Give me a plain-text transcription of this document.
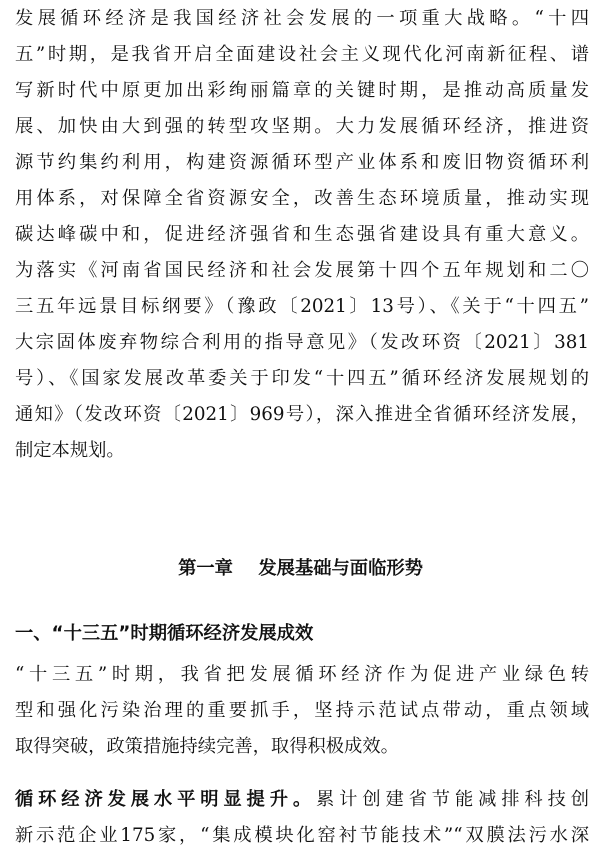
发展循环经济是我国经济社会发展的一项重大战略。“十四
五”时期，是我省开启全面建设社会主义现代化河南新征程、谱
写新时代中原更加出彩绚丽篇章的关键时期，是推动高质量发
展、加快由大到强的转型攻坚期。大力发展循环经济，推进资
源节约集约利用，构建资源循环型产业体系和废旧物资循环利
用体系，对保障全省资源安全，改善生态环境质量，推动实现
碳达峰碳中和，促进经济强省和生态强省建设具有重大意义。
为落实《河南省国民经济和社会发展第十四个五年规划和二〇
三五年远景目标纲要》（豫政〔2021〕13号）、《关于“十四五”
大宗固体废弃物综合利用的指导意见》（发改环资〔2021〕381
号）、《国家发展改革委关于印发“十四五”循环经济发展规划的
通知》（发改环资〔2021〕969号），深入推进全省循环经济发展，
制定本规划。
第一章    发展基础与面临形势
一、“十三五”时期循环经济发展成效
“十三五”时期，我省把发展循环经济作为促进产业绿色转
型和强化污染治理的重要抓手，坚持示范试点带动，重点领域
取得突破，政策措施持续完善，取得积极成效。
循环经济发展水平明显提升。累计创建省节能减排科技创
新示范企业175家，“集成模块化窑衬节能技术”“双膜法污水深
